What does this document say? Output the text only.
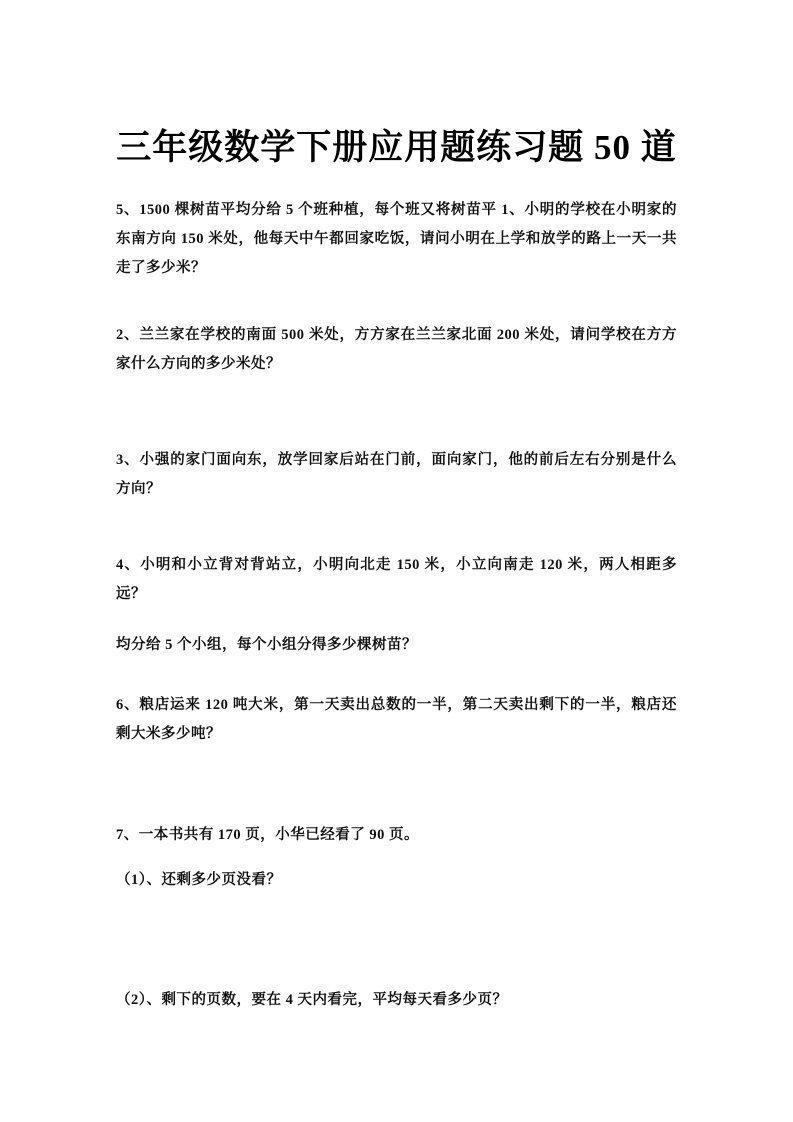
三年级数学下册应用题练习题 50 道

5、1500 棵树苗平均分给 5 个班种植，每个班又将树苗平 1、小明的学校在小明家的东南方向 150 米处，他每天中午都回家吃饭，请问小明在上学和放学的路上一天一共走了多少米？

2、兰兰家在学校的南面 500 米处，方方家在兰兰家北面 200 米处，请问学校在方方家什么方向的多少米处？

3、小强的家门面向东，放学回家后站在门前，面向家门，他的前后左右分别是什么方向？

4、小明和小立背对背站立，小明向北走 150 米，小立向南走 120 米，两人相距多远？

均分给 5 个小组，每个小组分得多少棵树苗？

6、粮店运来 120 吨大米，第一天卖出总数的一半，第二天卖出剩下的一半，粮店还剩大米多少吨？

7、一本书共有 170 页，小华已经看了 90 页。

（1）、还剩多少页没看？

（2）、剩下的页数，要在 4 天内看完，平均每天看多少页？
